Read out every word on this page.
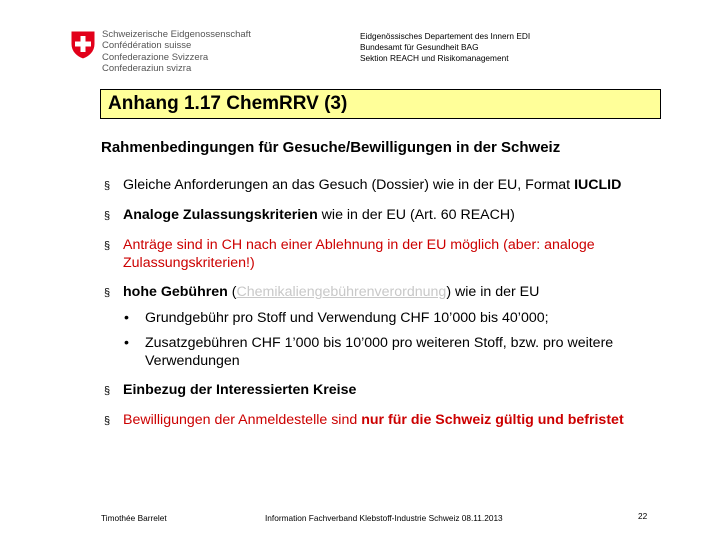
Schweizerische Eidgenossenschaft
Confédération suisse
Confederazione Svizzera
Confederaziun svizra
Eidgenössisches Departement des Innern EDI
Bundesamt für Gesundheit BAG
Sektion REACH und Risikomanagement
Anhang 1.17 ChemRRV (3)
Rahmenbedingungen für Gesuche/Bewilligungen in der Schweiz
§ Gleiche Anforderungen an das Gesuch (Dossier) wie in der EU, Format IUCLID
§ Analoge Zulassungskriterien wie in der EU (Art. 60 REACH)
§ Anträge sind in CH nach einer Ablehnung in der EU möglich (aber: analoge Zulassungskriterien!)
§ hohe Gebühren (Chemikaliengebührenverordnung) wie in der EU
• Grundgebühr pro Stoff und Verwendung CHF 10’000 bis 40’000;
• Zusatzgebühren CHF 1’000 bis 10’000 pro weiteren Stoff, bzw. pro weitere Verwendungen
§ Einbezug der Interessierten Kreise
§ Bewilligungen der Anmeldestelle sind nur für die Schweiz gültig und befristet
Timothée Barrelet	Information Fachverband Klebstoff-Industrie Schweiz 08.11.2013	22
